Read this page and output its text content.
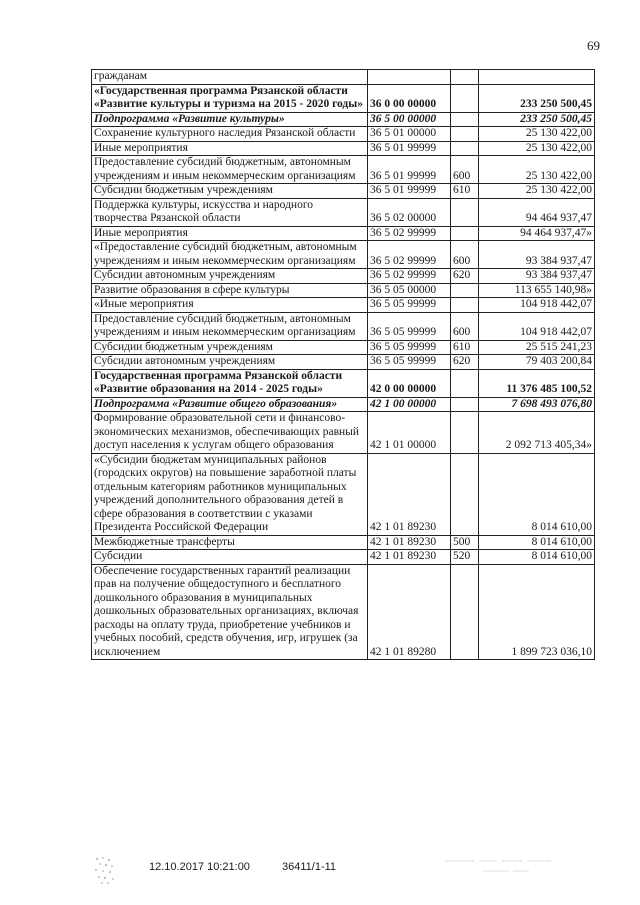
69
гражданам			
«Государственная программа Рязанской области «Развитие культуры и туризма на 2015 - 2020 годы»	36 0 00 00000		233 250 500,45
Подпрограмма «Развитие культуры»	36 5 00 00000		233 250 500,45
Сохранение культурного наследия Рязанской области	36 5 01 00000		25 130 422,00
Иные мероприятия	36 5 01 99999		25 130 422,00
Предоставление субсидий бюджетным, автономным учреждениям и иным некоммерческим организациям	36 5 01 99999	600	25 130 422,00
Субсидии бюджетным учреждениям	36 5 01 99999	610	25 130 422,00
Поддержка культуры, искусства и народного творчества Рязанской области	36 5 02 00000		94 464 937,47
Иные мероприятия	36 5 02 99999		94 464 937,47»
«Предоставление субсидий бюджетным, автономным учреждениям и иным некоммерческим организациям	36 5 02 99999	600	93 384 937,47
Субсидии автономным учреждениям	36 5 02 99999	620	93 384 937,47
Развитие образования в сфере культуры	36 5 05 00000		113 655 140,98»
«Иные мероприятия	36 5 05 99999		104 918 442,07
Предоставление субсидий бюджетным, автономным учреждениям и иным некоммерческим организациям	36 5 05 99999	600	104 918 442,07
Субсидии бюджетным учреждениям	36 5 05 99999	610	25 515 241,23
Субсидии автономным учреждениям	36 5 05 99999	620	79 403 200,84
Государственная программа Рязанской области «Развитие образования на 2014 - 2025 годы»	42 0 00 00000		11 376 485 100,52
Подпрограмма «Развитие общего образования»	42 1 00 00000		7 698 493 076,80
Формирование образовательной сети и финансово-экономических механизмов, обеспечивающих равный доступ населения к услугам общего образования	42 1 01 00000		2 092 713 405,34»
«Субсидии бюджетам муниципальных районов (городских округов) на повышение заработной платы отдельным категориям работников муниципальных учреждений дополнительного образования детей в сфере образования в соответствии с указами Президента Российской Федерации	42 1 01 89230		8 014 610,00
Межбюджетные трансферты	42 1 01 89230	500	8 014 610,00
Субсидии	42 1 01 89230	520	8 014 610,00
Обеспечение государственных гарантий реализации прав на получение общедоступного и бесплатного дошкольного образования в муниципальных дошкольных образовательных организациях, включая расходы на оплату труда, приобретение учебников и учебных пособий, средств обучения, игр, игрушек (за исключением	42 1 01 89280		1 899 723 036,10
12.10.2017 10:21:00	36411/1-11
